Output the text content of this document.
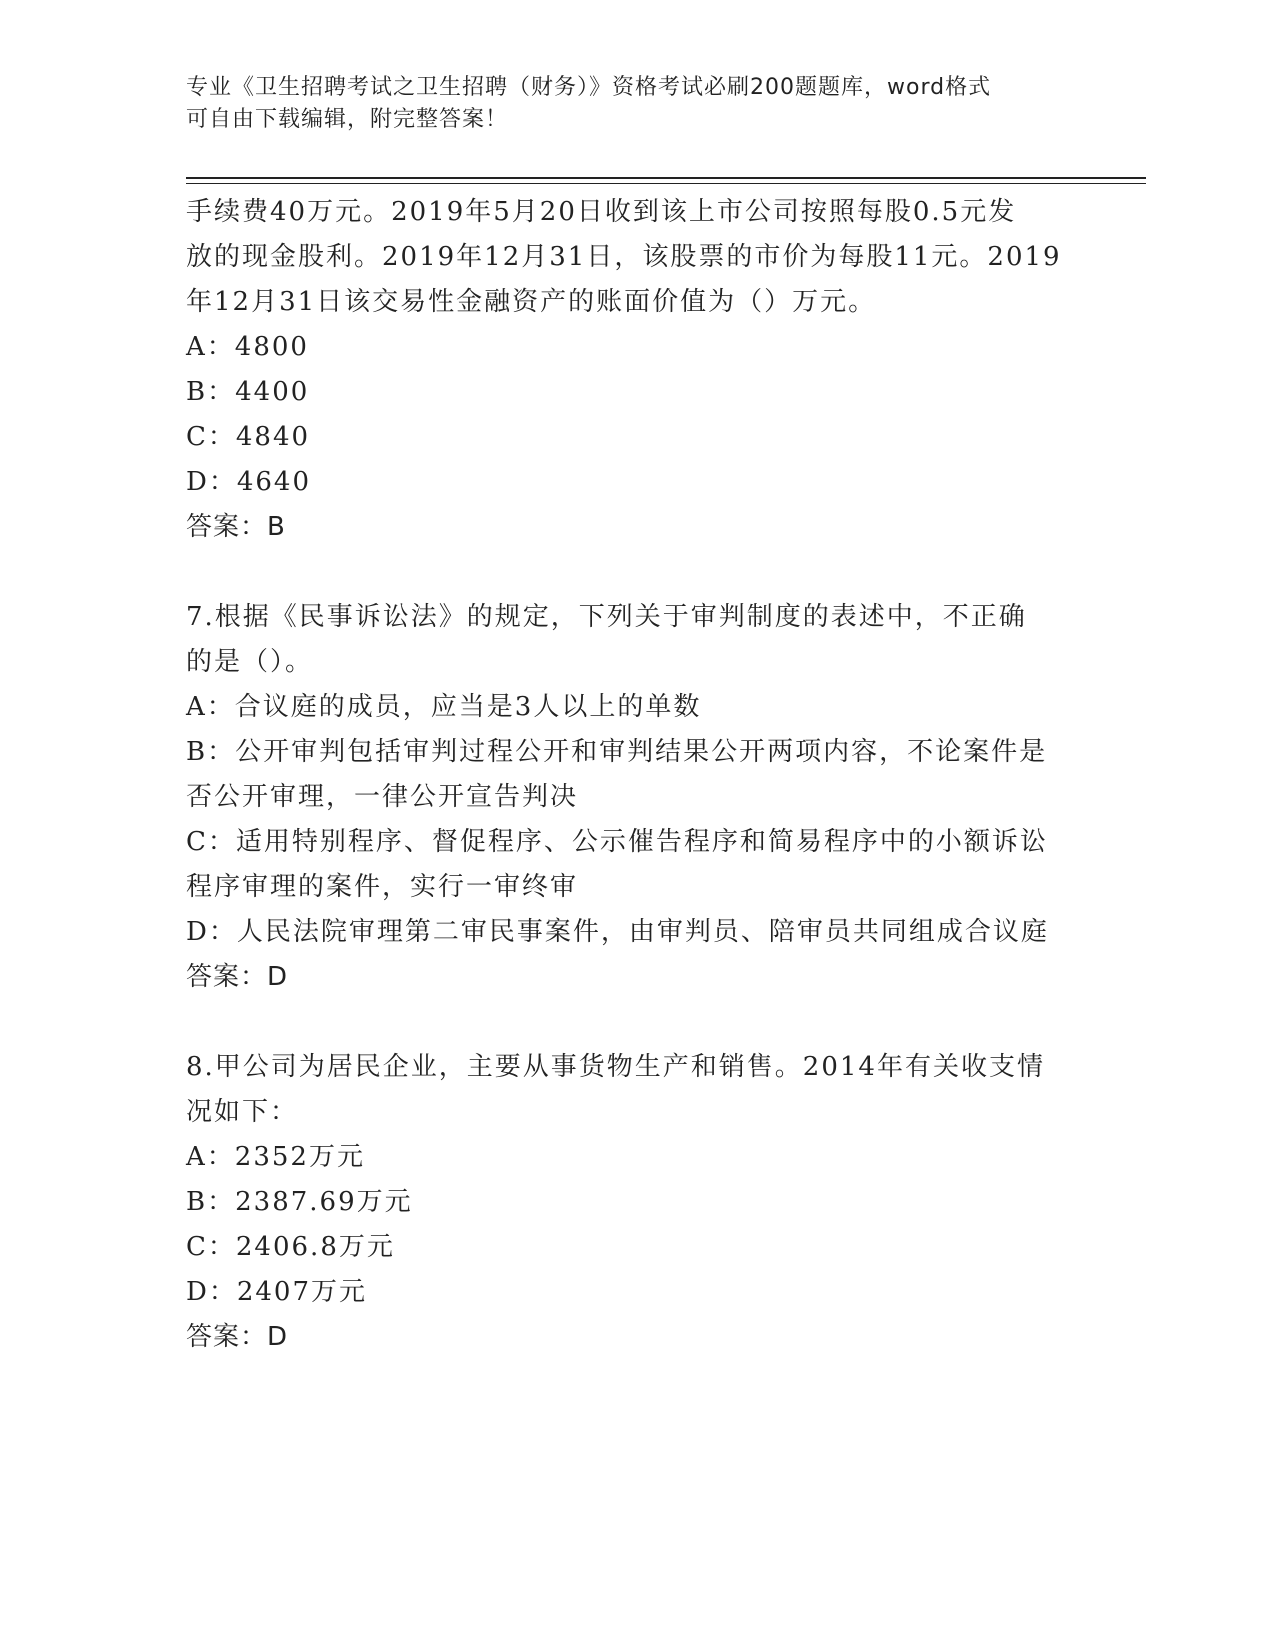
专业《卫生招聘考试之卫生招聘（财务）》资格考试必刷200题题库，word格式
可自由下载编辑，附完整答案！

手续费40万元。2019年5月20日收到该上市公司按照每股0.5元发

放的现金股利。2019年12月31日，该股票的市价为每股11元。2019

年12月31日该交易性金融资产的账面价值为（）万元。

A：4800

B：4400

C：4840

D：4640

答案：B

7.根据《民事诉讼法》的规定，下列关于审判制度的表述中，不正确

的是（）。

A：合议庭的成员，应当是3人以上的单数

B：公开审判包括审判过程公开和审判结果公开两项内容，不论案件是

否公开审理，一律公开宣告判决

C：适用特别程序、督促程序、公示催告程序和简易程序中的小额诉讼

程序审理的案件，实行一审终审

D：人民法院审理第二审民事案件，由审判员、陪审员共同组成合议庭

答案：D

8.甲公司为居民企业，主要从事货物生产和销售。2014年有关收支情

况如下：

A：2352万元

B：2387.69万元

C：2406.8万元

D：2407万元

答案：D
